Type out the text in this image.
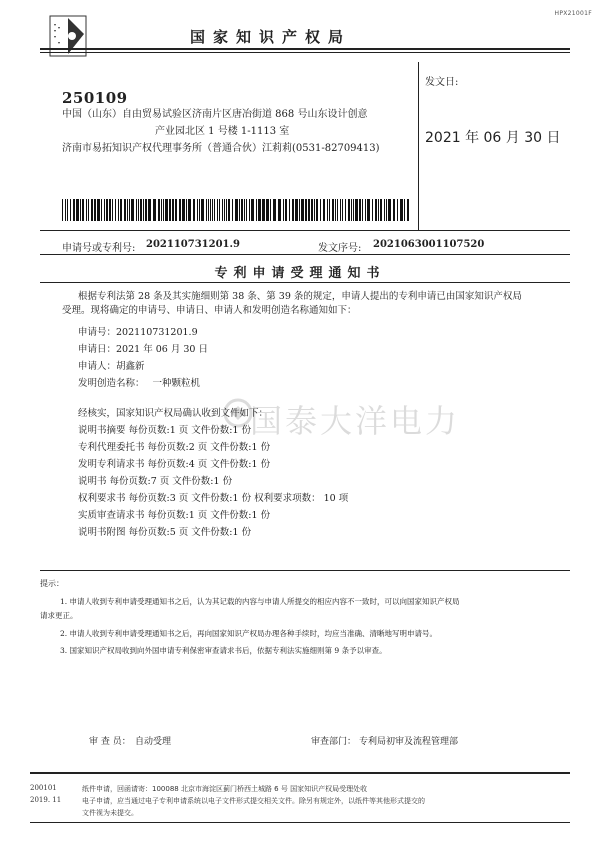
HPX21001F
国家知识产权局
250109
中国（山东）自由贸易试验区济南片区唐冶街道 868 号山东设计创意
产业园北区 1 号楼 1-1113 室
济南市易拓知识产权代理事务所（普通合伙）江莉莉(0531-82709413)
发文日:
2021 年 06 月 30 日
申请号或专利号: 202110731201.9	发文序号: 2021063001107520
专利申请受理通知书
根据专利法第 28 条及其实施细则第 38 条、第 39 条的规定，申请人提出的专利申请已由国家知识产权局
受理。现将确定的申请号、申请日、申请人和发明创造名称通知如下：
申请号：202110731201.9
申请日：2021 年 06 月 30 日
申请人：胡鑫新
发明创造名称： 一种颗粒机
国泰大洋电力
经核实，国家知识产权局确认收到文件如下：
说明书摘要 每份页数:1 页 文件份数:1 份
专利代理委托书 每份页数:2 页 文件份数:1 份
发明专利请求书 每份页数:4 页 文件份数:1 份
说明书 每份页数:7 页 文件份数:1 份
权利要求书 每份页数:3 页 文件份数:1 份 权利要求项数： 10 项
实质审查请求书 每份页数:1 页 文件份数:1 份
说明书附图 每份页数:5 页 文件份数:1 份
提示：
1. 申请人收到专利申请受理通知书之后，认为其记载的内容与申请人所提交的相应内容不一致时，可以向国家知识产权局
请求更正。
2. 申请人收到专利申请受理通知书之后，再向国家知识产权局办理各种手续时，均应当准确、清晰地写明申请号。
3. 国家知识产权局收到向外国申请专利保密审查请求书后，依据专利法实施细则第 9 条予以审查。
审 查 员： 自动受理	审查部门： 专利局初审及流程管理部
200101
2019. 11
纸件申请，回函请寄：100088 北京市海淀区蓟门桥西土城路 6 号 国家知识产权局受理处收
电子申请，应当通过电子专利申请系统以电子文件形式提交相关文件。除另有规定外，以纸件等其他形式提交的
文件视为未提交。
